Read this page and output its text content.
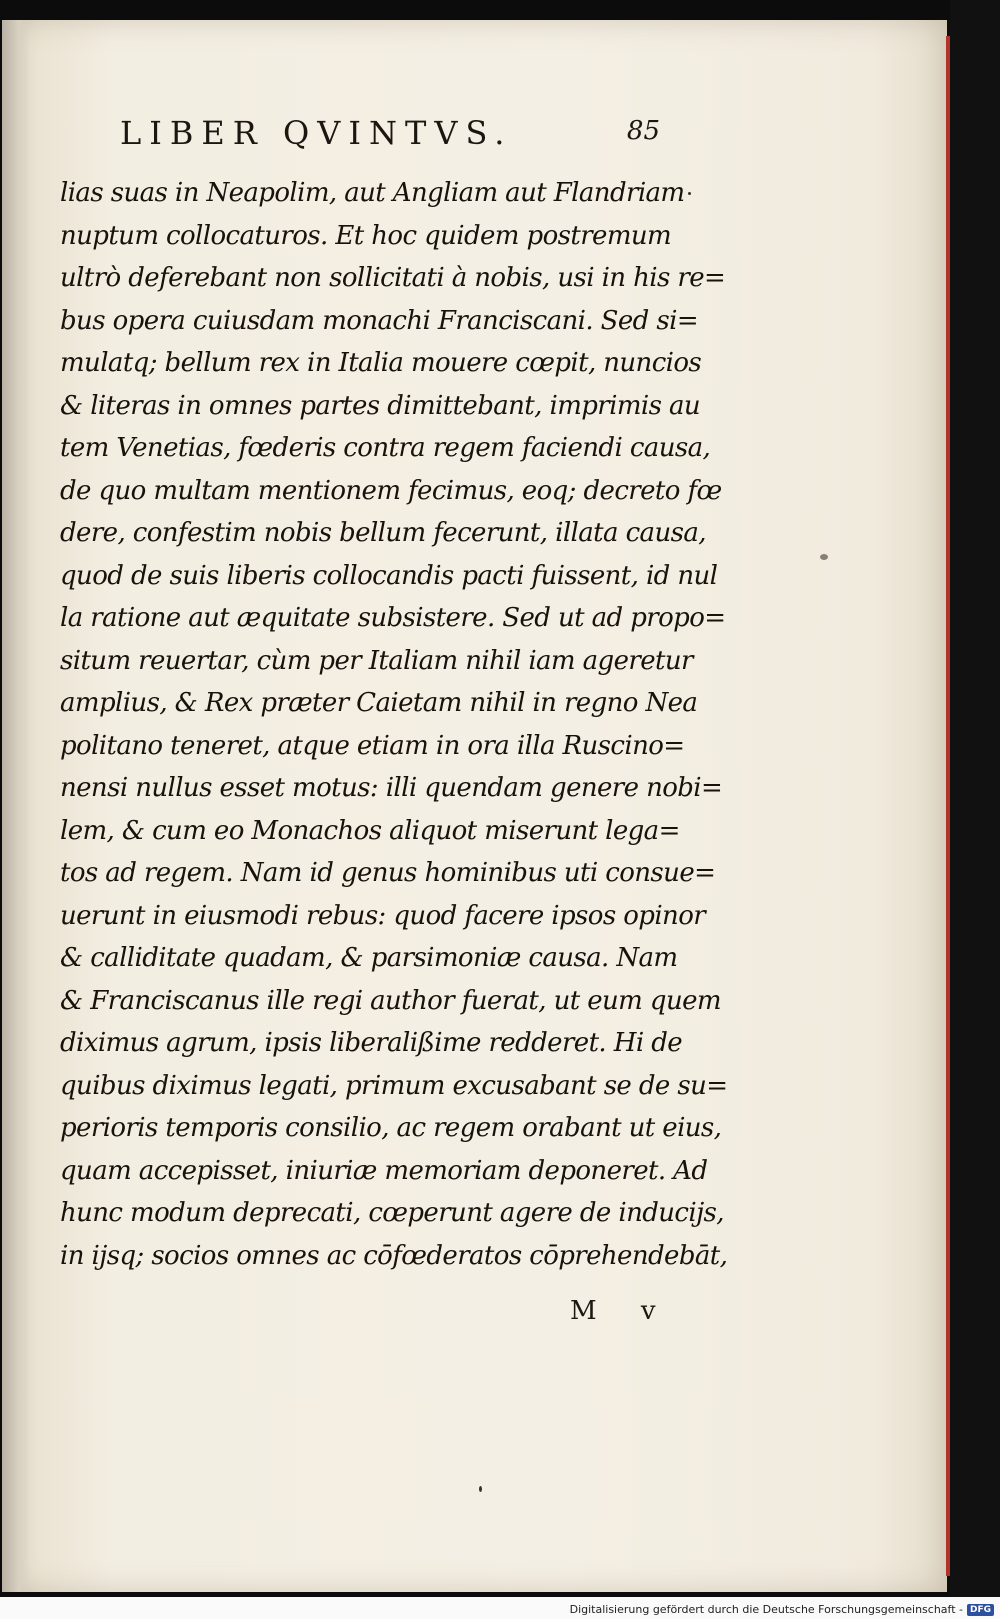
LIBER QVINTVS.	85
lias suas in Neapolim, aut Angliam aut Flandriam
nuptum collocaturos. Et hoc quidem postremum
ultrò deferebant non sollicitati à nobis, usi in his re=
bus opera cuiusdam monachi Franciscani. Sed si=
mulatq; bellum rex in Italia mouere cœpit, nuncios
& literas in omnes partes dimittebant, imprimis au
tem Venetias, fœderis contra regem faciendi causa,
de quo multam mentionem fecimus, eoq; decreto fœ
dere, confestim nobis bellum fecerunt, illata causa,
quod de suis liberis collocandis pacti fuissent, id nul
la ratione aut æquitate subsistere. Sed ut ad propo=
situm reuertar, cùm per Italiam nihil iam ageretur
amplius, & Rex præter Caietam nihil in regno Nea
politano teneret, atque etiam in ora illa Ruscino=
nensi nullus esset motus: illi quendam genere nobi=
lem, & cum eo Monachos aliquot miserunt lega=
tos ad regem. Nam id genus hominibus uti consue=
uerunt in eiusmodi rebus: quod facere ipsos opinor
& calliditate quadam, & parsimoniæ causa. Nam
& Franciscanus ille regi author fuerat, ut eum quem
diximus agrum, ipsis liberalißime redderet. Hi de
quibus diximus legati, primum excusabant se de su=
perioris temporis consilio, ac regem orabant ut eius,
quam accepisset, iniuriæ memoriam deponeret. Ad
hunc modum deprecati, cœperunt agere de inducijs,
in ijsq; socios omnes ac cōfœderatos cōprehendebāt,
M v
Digitalisierung gefördert durch die Deutsche Forschungsgemeinschaft - DFG
